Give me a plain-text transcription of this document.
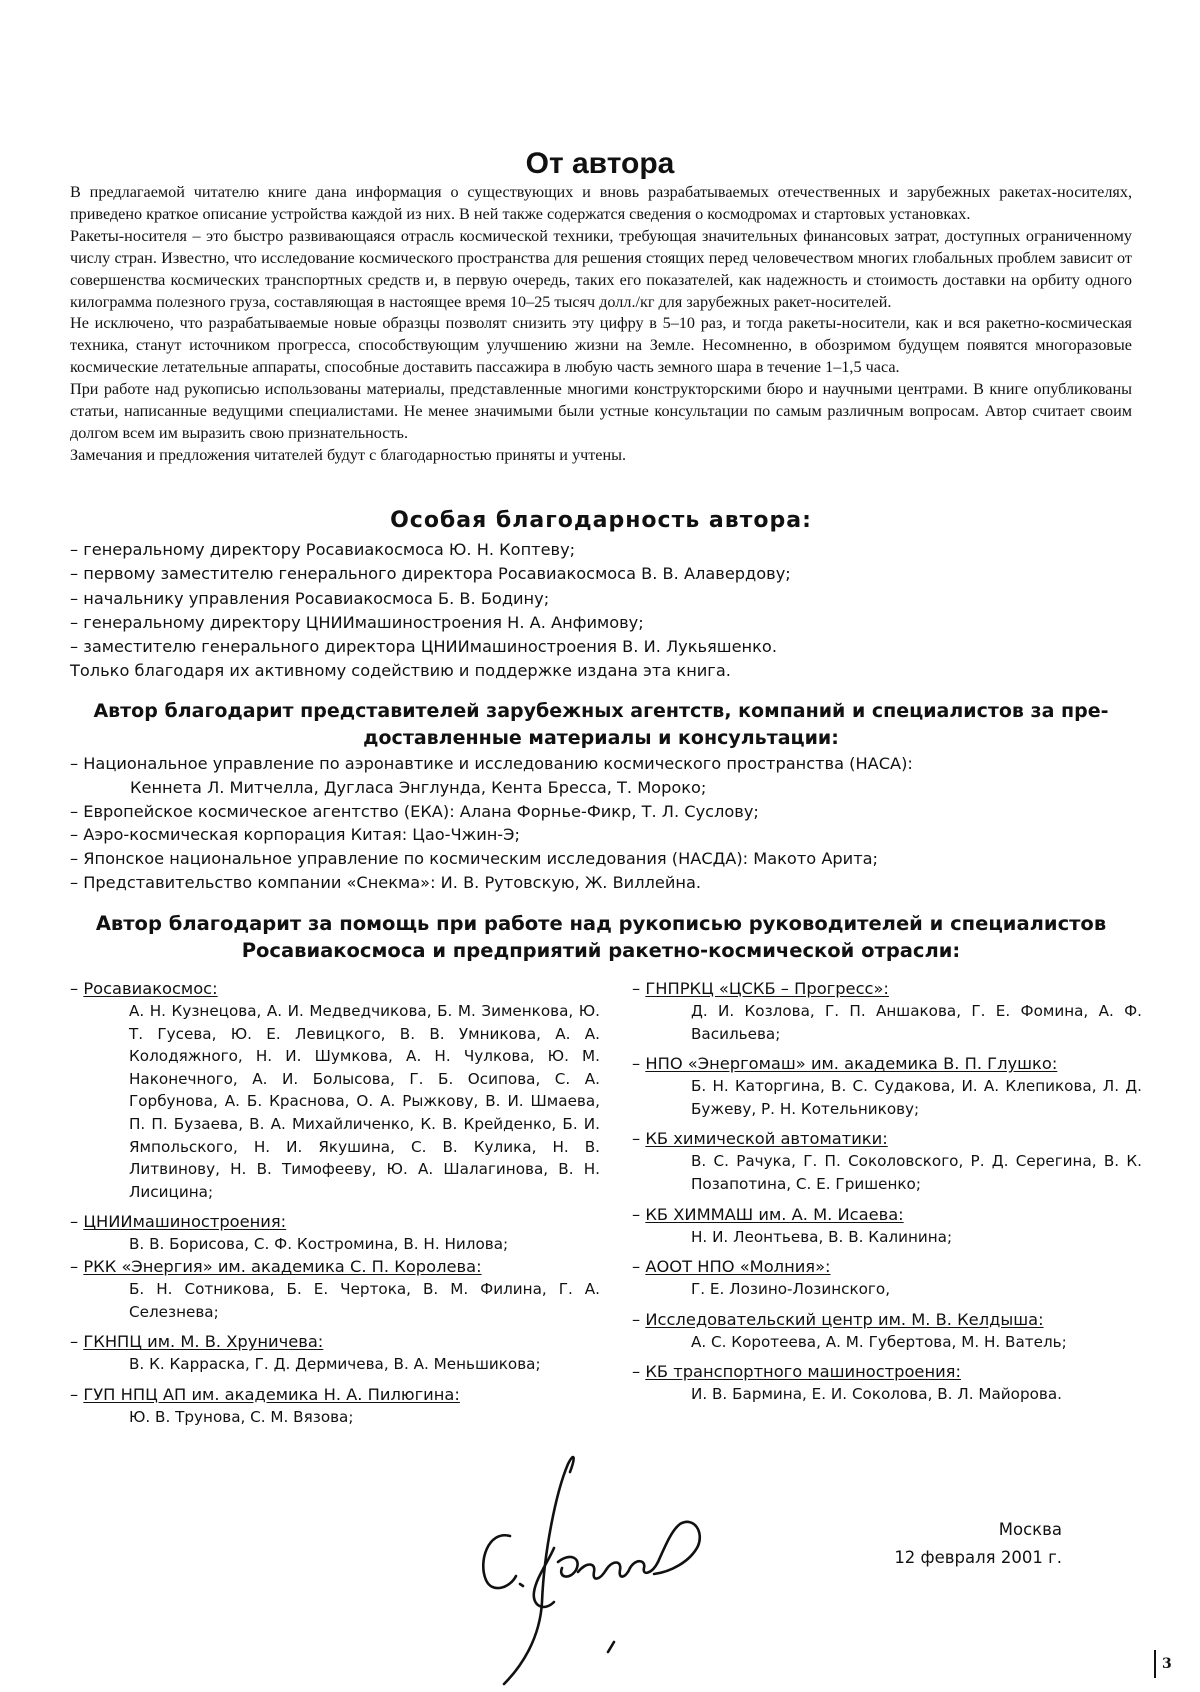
От автора

В предлагаемой читателю книге дана информация о существующих и вновь разрабатываемых отечественных и зарубежных ракетах-носителях, приведено краткое описание устройства каждой из них. В ней также содержатся сведения о космодромах и стартовых установках.

Ракеты-носителя – это быстро развивающаяся отрасль космической техники, требующая значительных финансовых затрат, доступных ограниченному числу стран. Известно, что исследование космического пространства для решения стоящих перед человечеством многих глобальных проблем зависит от совершенства космических транспортных средств и, в первую очередь, таких его показателей, как надежность и стоимость доставки на орбиту одного килограмма полезного груза, составляющая в настоящее время 10–25 тысяч долл./кг для зарубежных ракет-носителей.

Не исключено, что разрабатываемые новые образцы позволят снизить эту цифру в 5–10 раз, и тогда ракеты-носители, как и вся ракетно-космическая техника, станут источником прогресса, способствующим улучшению жизни на Земле. Несомненно, в обозримом будущем появятся многоразовые космические летательные аппараты, способные доставить пассажира в любую часть земного шара в течение 1–1,5 часа.

При работе над рукописью использованы материалы, представленные многими конструкторскими бюро и научными центрами. В книге опубликованы статьи, написанные ведущими специалистами. Не менее значимыми были устные консультации по самым различным вопросам. Автор считает своим долгом всем им выразить свою признательность.

Замечания и предложения читателей будут с благодарностью приняты и учтены.

Особая благодарность автора:
– генеральному директору Росавиакосмоса Ю. Н. Коптеву;
– первому заместителю генерального директора Росавиакосмоса В. В. Алавердову;
– начальнику управления Росавиакосмоса Б. В. Бодину;
– генеральному директору ЦНИИмашиностроения Н. А. Анфимову;
– заместителю генерального директора ЦНИИмашиностроения В. И. Лукьяшенко.
Только благодаря их активному содействию и поддержке издана эта книга.
Автор благодарит представителей зарубежных агентств, компаний и специалистов за пре-
доставленные материалы и консультации:
– Национальное управление по аэронавтике и исследованию космического пространства (НАСА):
Кеннета Л. Митчелла, Дугласа Энглунда, Кента Бресса, Т. Мороко;
– Европейское космическое агентство (ЕКА): Алана Форнье-Фикр, Т. Л. Суслову;
– Аэро-космическая корпорация Китая: Цао-Чжин-Э;
– Японское национальное управление по космическим исследования (НАСДА): Макото Арита;
– Представительство компании «Снекма»: И. В. Рутовскую, Ж. Виллейна.
Автор благодарит за помощь при работе над рукописью руководителей и специалистов
Росавиакосмоса и предприятий ракетно-космической отрасли:

– Росавиакосмос:

А. Н. Кузнецова, А. И. Медведчикова, Б. М. Зименкова, Ю. Т. Гусева, Ю. Е. Левицкого, В. В. Умникова, А. А. Колодяжного, Н. И. Шумкова, А. Н. Чулкова, Ю. М. Наконечного, А. И. Болысова, Г. Б. Осипова, С. А. Горбунова, А. Б. Краснова, О. А. Рыжкову, В. И. Шмаева, П. П. Бузаева, В. А. Михайличенко, К. В. Крейденко, Б. И. Ямпольского, Н. И. Якушина, С. В. Кулика, Н. В. Литвинову, Н. В. Тимофееву, Ю. А. Шалагинова, В. Н. Лисицина;

– ЦНИИмашиностроения:

В. В. Борисова, С. Ф. Костромина, В. Н. Нилова;

– РКК «Энергия» им. академика С. П. Королева:

Б. Н. Сотникова, Б. Е. Чертока, В. М. Филина, Г. А. Селезнева;

– ГКНПЦ им. М. В. Хруничева:

В. К. Карраска, Г. Д. Дермичева, В. А. Меньшикова;

– ГУП НПЦ АП им. академика Н. А. Пилюгина:

Ю. В. Трунова, С. М. Вязова;

– ГНПРКЦ «ЦСКБ – Прогресс»:

Д. И. Козлова, Г. П. Аншакова, Г. Е. Фомина, А. Ф. Васильева;

– НПО «Энергомаш» им. академика В. П. Глушко:

Б. Н. Каторгина, В. С. Судакова, И. А. Клепикова, Л. Д. Бужеву, Р. Н. Котельникову;

– КБ химической автоматики:

В. С. Рачука, Г. П. Соколовского, Р. Д. Серегина, В. К. Позапотина, С. Е. Гришенко;

– КБ ХИММАШ им. А. М. Исаева:

Н. И. Леонтьева, В. В. Калинина;

– АООТ НПО «Молния»:

Г. Е. Лозино-Лозинского,

– Исследовательский центр им. М. В. Келдыша:

А. С. Коротеева, А. М. Губертова, М. Н. Ватель;

– КБ транспортного машиностроения:

И. В. Бармина, Е. И. Соколова, В. Л. Майорова.

Москва
12 февраля 2001 г.
3
